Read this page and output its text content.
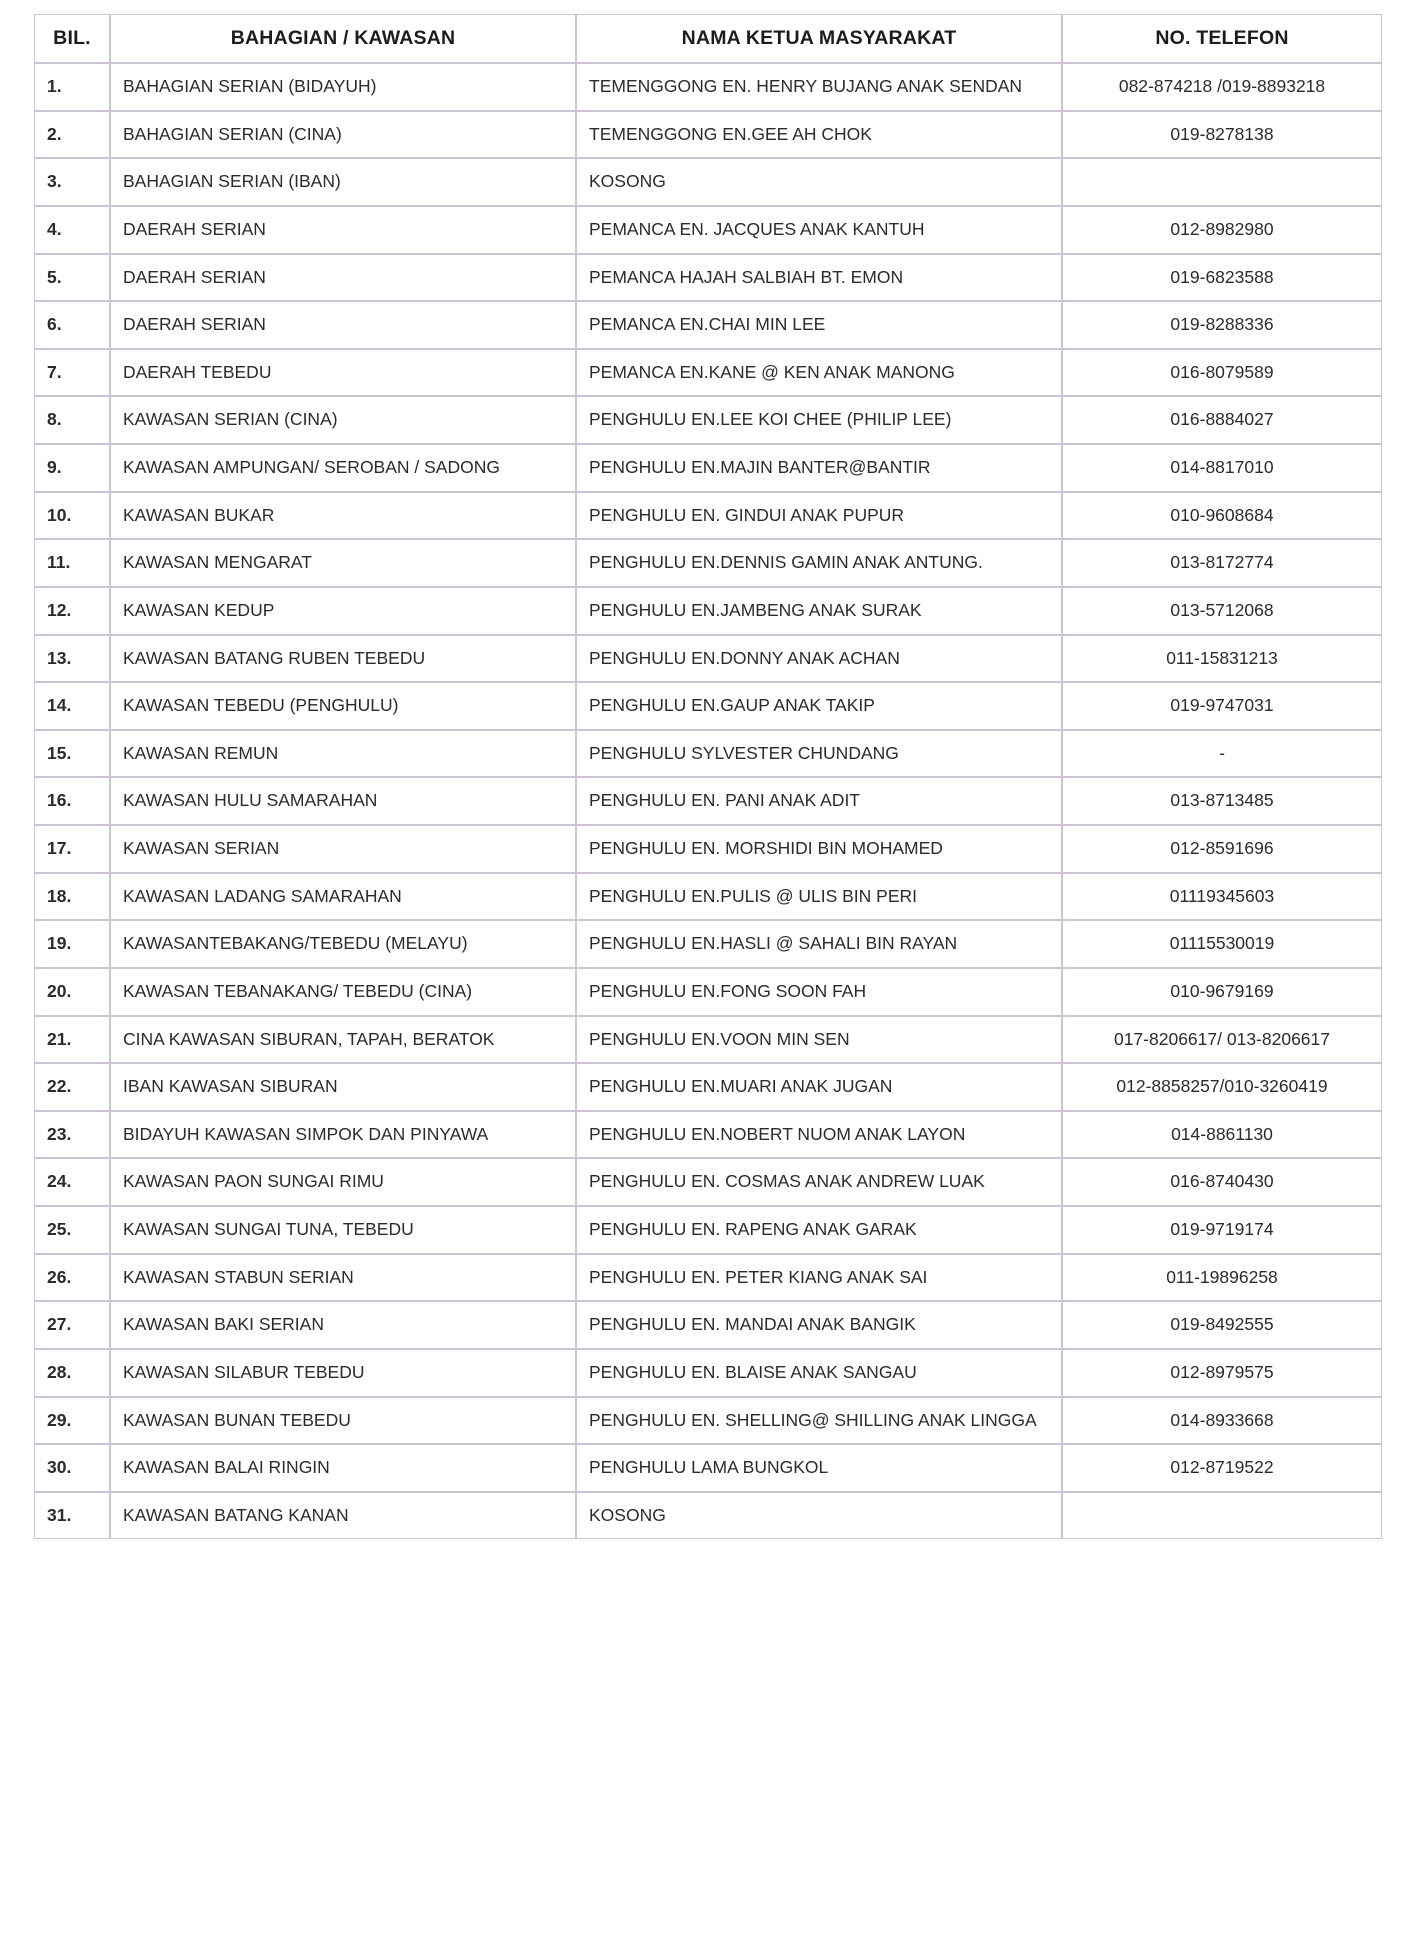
BIL.	BAHAGIAN / KAWASAN	NAMA KETUA MASYARAKAT	NO. TELEFON
1.	BAHAGIAN SERIAN (BIDAYUH)	TEMENGGONG EN. HENRY BUJANG ANAK SENDAN	082-874218 /019-8893218
2.	BAHAGIAN SERIAN (CINA)	TEMENGGONG EN.GEE AH CHOK	019-8278138
3.	BAHAGIAN SERIAN (IBAN)	KOSONG	
4.	DAERAH SERIAN	PEMANCA EN. JACQUES ANAK KANTUH	012-8982980
5.	DAERAH SERIAN	PEMANCA HAJAH SALBIAH BT. EMON	019-6823588
6.	DAERAH SERIAN	PEMANCA EN.CHAI MIN LEE	019-8288336
7.	DAERAH TEBEDU	PEMANCA EN.KANE @ KEN ANAK MANONG	016-8079589
8.	KAWASAN SERIAN (CINA)	PENGHULU EN.LEE KOI CHEE (PHILIP LEE)	016-8884027
9.	KAWASAN AMPUNGAN/ SEROBAN / SADONG	PENGHULU EN.MAJIN BANTER@BANTIR	014-8817010
10.	KAWASAN BUKAR	PENGHULU EN. GINDUI ANAK PUPUR	010-9608684
11.	KAWASAN MENGARAT	PENGHULU EN.DENNIS GAMIN ANAK ANTUNG.	013-8172774
12.	KAWASAN KEDUP	PENGHULU EN.JAMBENG ANAK SURAK	013-5712068
13.	KAWASAN BATANG RUBEN TEBEDU	PENGHULU EN.DONNY ANAK ACHAN	011-15831213
14.	KAWASAN TEBEDU (PENGHULU)	PENGHULU EN.GAUP ANAK TAKIP	019-9747031
15.	KAWASAN REMUN	PENGHULU SYLVESTER CHUNDANG	-
16.	KAWASAN HULU SAMARAHAN	PENGHULU EN. PANI ANAK ADIT	013-8713485
17.	KAWASAN SERIAN	PENGHULU EN. MORSHIDI BIN MOHAMED	012-8591696
18.	KAWASAN LADANG SAMARAHAN	PENGHULU EN.PULIS @ ULIS BIN PERI	01119345603
19.	KAWASANTEBAKANG/TEBEDU (MELAYU)	PENGHULU EN.HASLI @ SAHALI BIN RAYAN	01115530019
20.	KAWASAN TEBANAKANG/ TEBEDU (CINA)	PENGHULU EN.FONG SOON FAH	010-9679169
21.	CINA KAWASAN SIBURAN, TAPAH, BERATOK	PENGHULU EN.VOON MIN SEN	017-8206617/ 013-8206617
22.	IBAN KAWASAN SIBURAN	PENGHULU EN.MUARI ANAK JUGAN	012-8858257/010-3260419
23.	BIDAYUH KAWASAN SIMPOK DAN PINYAWA	PENGHULU EN.NOBERT NUOM ANAK LAYON	014-8861130
24.	KAWASAN PAON SUNGAI RIMU	PENGHULU EN. COSMAS ANAK ANDREW LUAK	016-8740430
25.	KAWASAN SUNGAI TUNA, TEBEDU	PENGHULU EN. RAPENG ANAK GARAK	019-9719174
26.	KAWASAN STABUN SERIAN	PENGHULU EN. PETER KIANG ANAK SAI	011-19896258
27.	KAWASAN BAKI SERIAN	PENGHULU EN. MANDAI ANAK BANGIK	019-8492555
28.	KAWASAN SILABUR TEBEDU	PENGHULU EN. BLAISE ANAK SANGAU	012-8979575
29.	KAWASAN BUNAN TEBEDU	PENGHULU EN. SHELLING@ SHILLING ANAK LINGGA	014-8933668
30.	KAWASAN BALAI RINGIN	PENGHULU LAMA BUNGKOL	012-8719522
31.	KAWASAN BATANG KANAN	KOSONG	
